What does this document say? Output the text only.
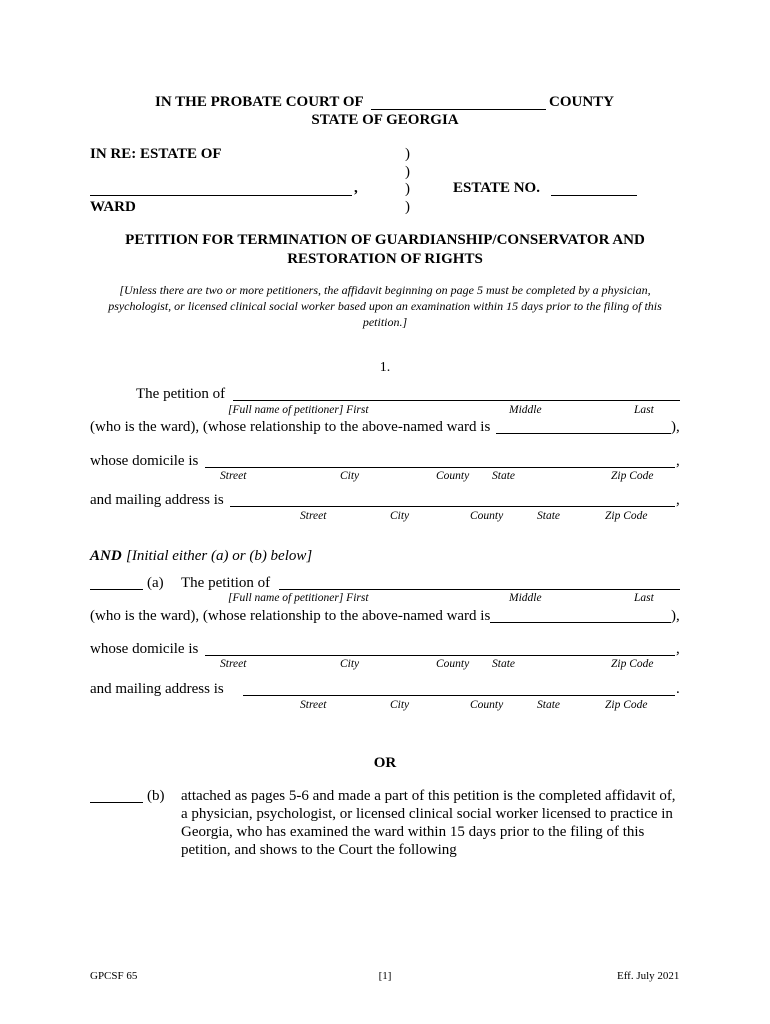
IN THE PROBATE COURT OF	COUNTY
STATE OF GEORGIA
IN RE: ESTATE OF
,
WARD
)
)
)
)
ESTATE NO.
PETITION FOR TERMINATION OF GUARDIANSHIP/CONSERVATOR AND
RESTORATION OF RIGHTS
[Unless there are two or more petitioners, the affidavit beginning on page 5 must be completed by a physician,
psychologist, or licensed clinical social worker based upon an examination within 15 days prior to the filing of this
petition.]
1.
The petition of
[Full name of petitioner] First	Middle	Last
(who is the ward), (whose relationship to the above-named ward is	),
whose domicile is	,
Street	City	County State	Zip Code
and mailing address is	,
Street	City	County	State	Zip Code
AND [Initial either (a) or (b) below]
(a) The petition of
[Full name of petitioner] First	Middle	Last
(who is the ward), (whose relationship to the above-named ward is	),
whose domicile is	,
Street	City	County State	Zip Code
and mailing address is	.
Street	City	County	State	Zip Code
OR
(b) attached as pages 5-6 and made a part of this petition is the completed affidavit of,
a physician, psychologist, or licensed clinical social worker licensed to practice in
Georgia, who has examined the ward within 15 days prior to the filing of this
petition, and shows to the Court the following
GPCSF 65	[1]	Eff. July 2021
